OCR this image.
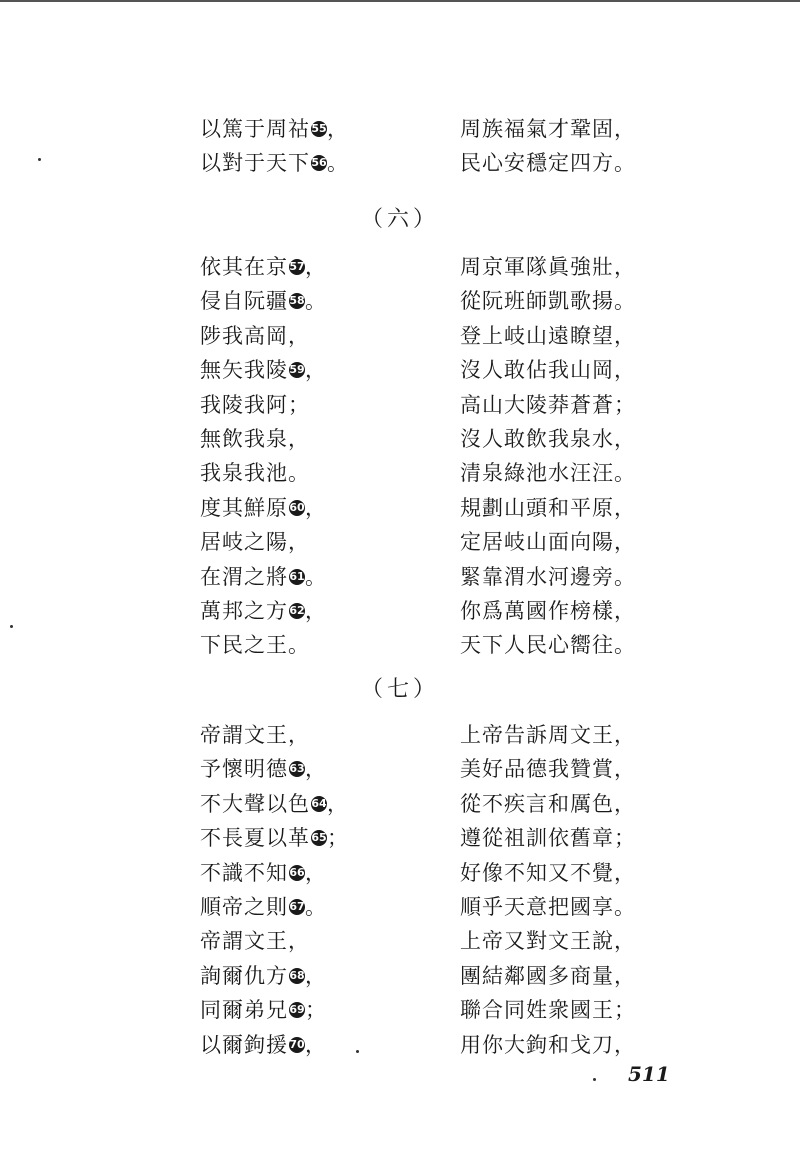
以篤于周祜55，	周族福氣才鞏固，
以對于天下56。	民心安穩定四方。
（六）
依其在京57，	周京軍隊眞強壯，
侵自阮疆58。	從阮班師凱歌揚。
陟我高岡，	登上岐山遠瞭望，
無矢我陵59，	沒人敢佔我山岡，
我陵我阿；	高山大陵莽蒼蒼；
無飲我泉，	沒人敢飲我泉水，
我泉我池。	清泉綠池水汪汪。
度其鮮原60，	規劃山頭和平原，
居岐之陽，	定居岐山面向陽，
在渭之將61。	緊靠渭水河邊旁。
萬邦之方62，	你爲萬國作榜樣，
下民之王。	天下人民心嚮往。
（七）
帝謂文王，	上帝告訴周文王，
予懷明德63，	美好品德我贊賞，
不大聲以色64，	從不疾言和厲色，
不長夏以革65；	遵從祖訓依舊章；
不識不知66，	好像不知又不覺，
順帝之則67。	順乎天意把國享。
帝謂文王，	上帝又對文王說，
詢爾仇方68，	團結鄰國多商量，
同爾弟兄69；	聯合同姓衆國王；
以爾鉤援70，	用你大鉤和戈刀，
511
